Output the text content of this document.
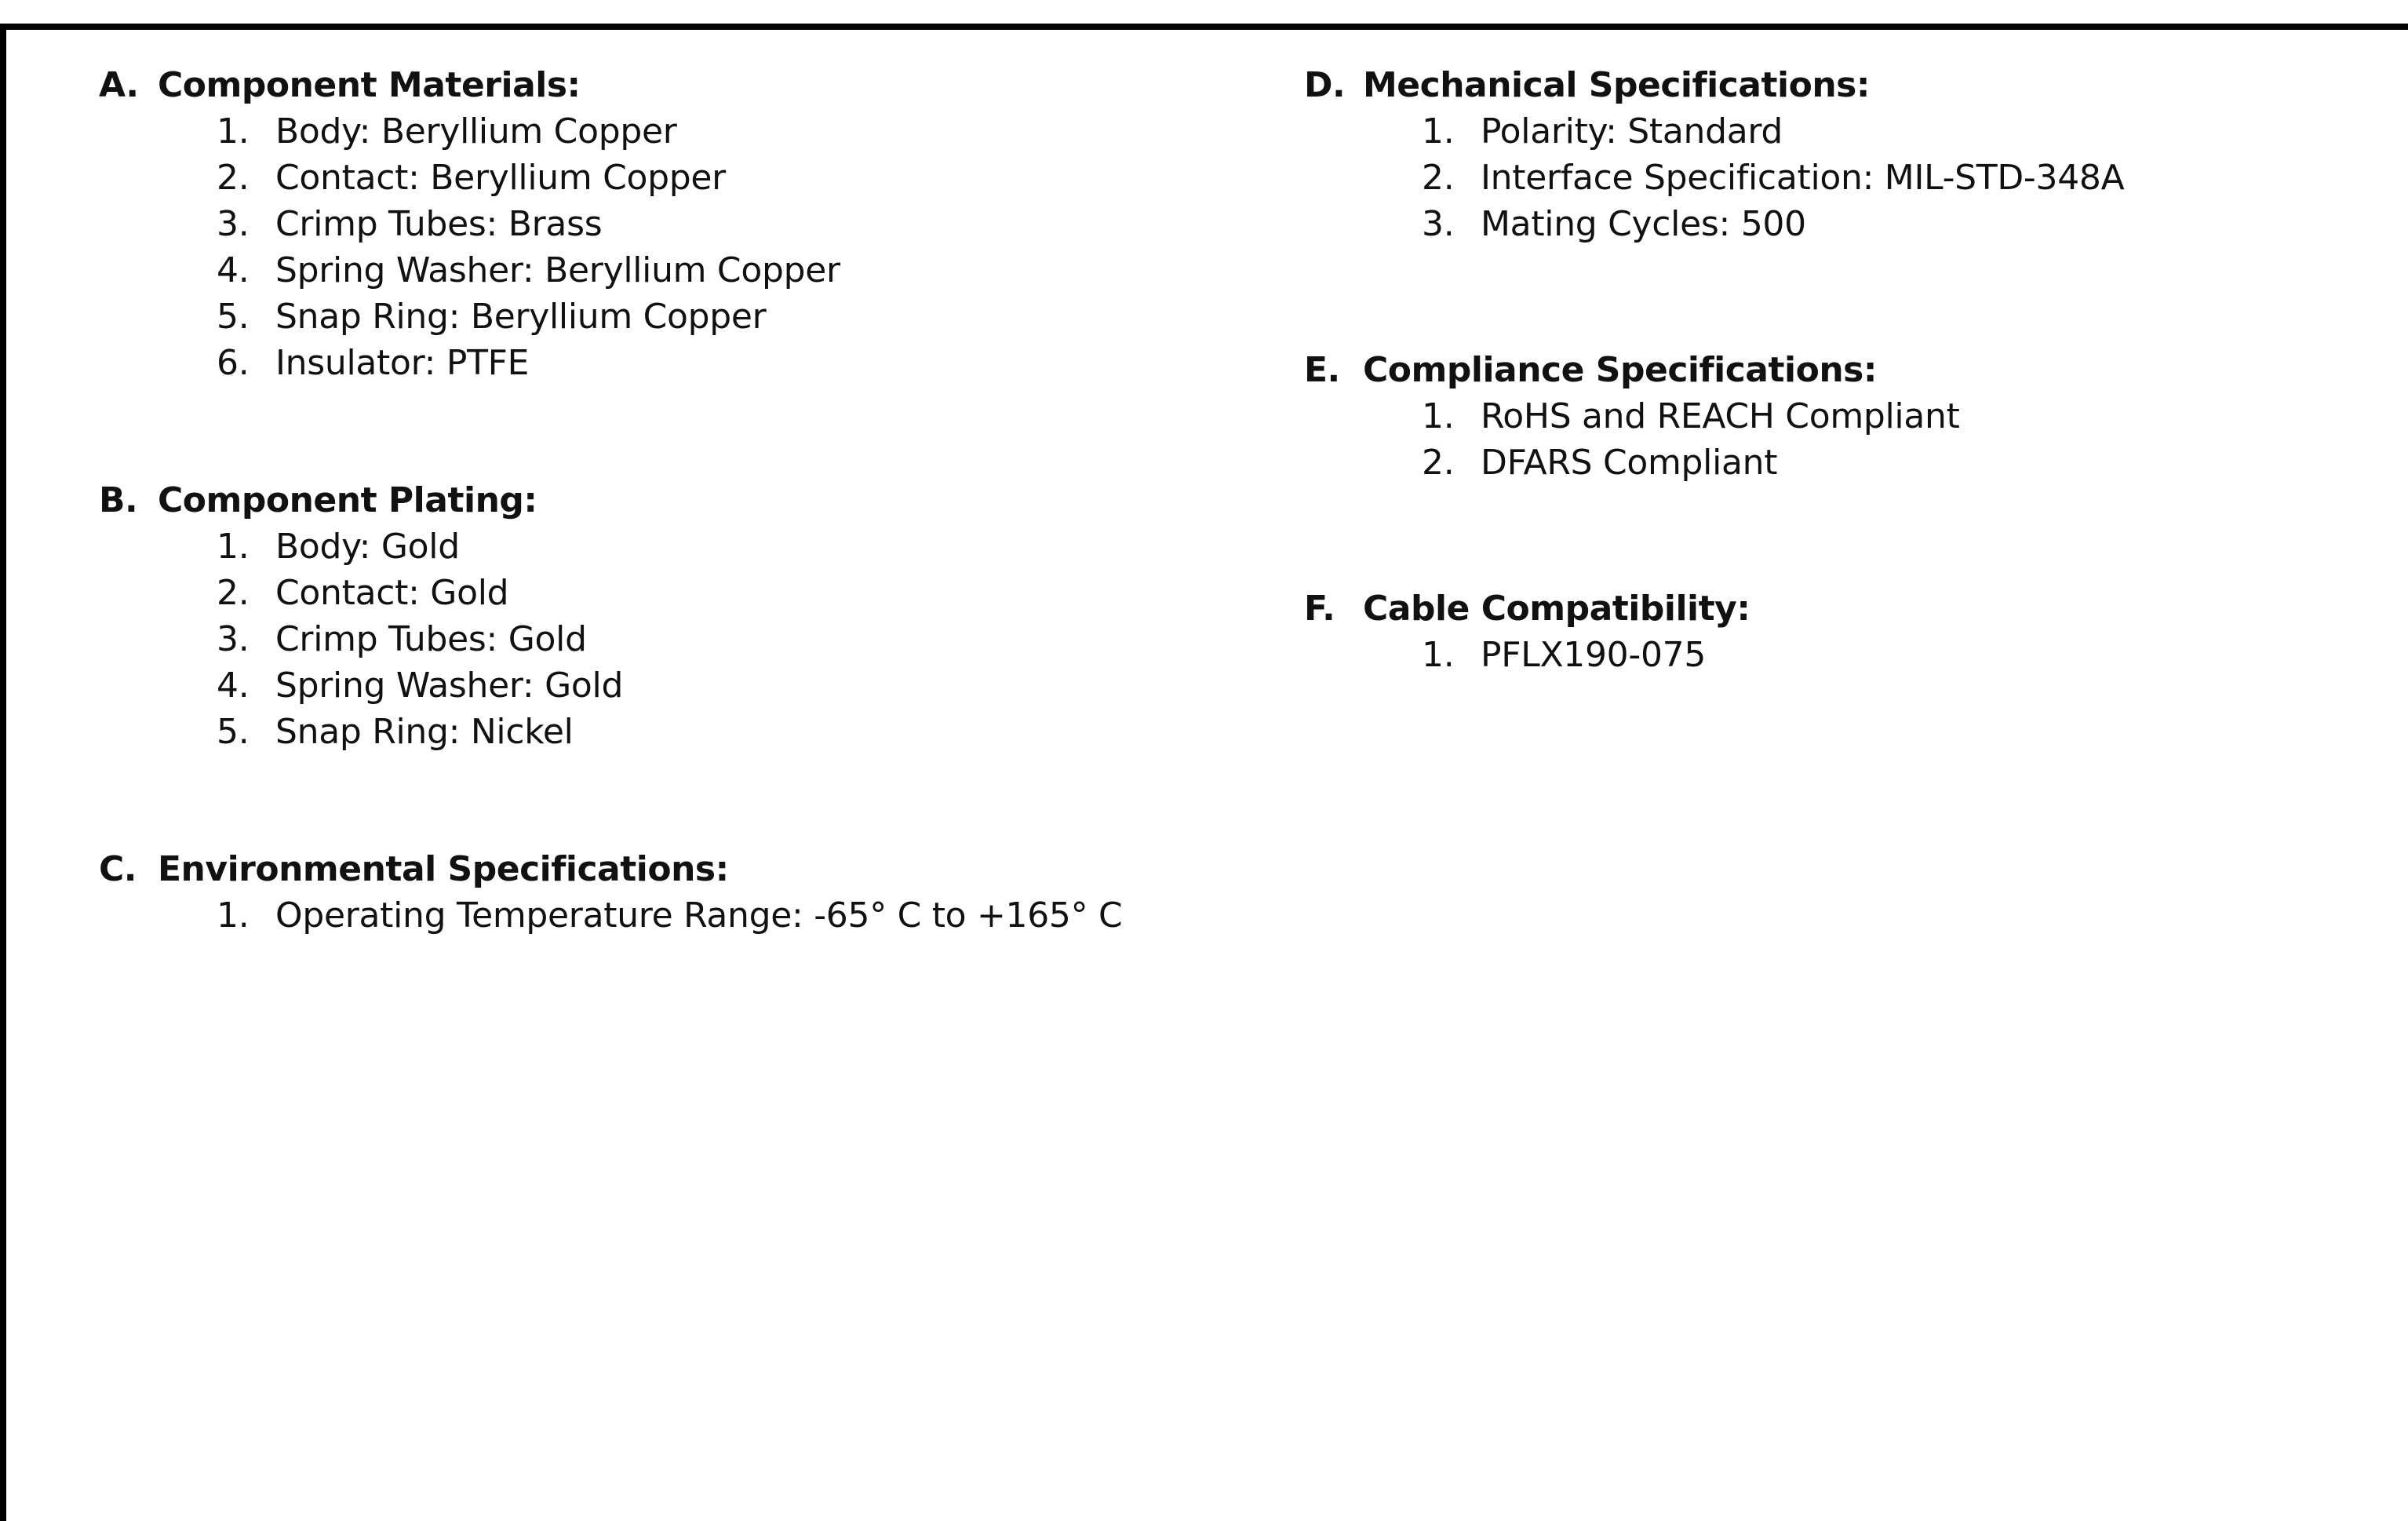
A. Component Materials:
1. Body: Beryllium Copper
2. Contact: Beryllium Copper
3. Crimp Tubes: Brass
4. Spring Washer: Beryllium Copper
5. Snap Ring: Beryllium Copper
6. Insulator: PTFE
B. Component Plating:
1. Body: Gold
2. Contact: Gold
3. Crimp Tubes: Gold
4. Spring Washer: Gold
5. Snap Ring: Nickel
C. Environmental Specifications:
1. Operating Temperature Range: -65° C to +165° C
D. Mechanical Specifications:
1. Polarity: Standard
2. Interface Specification: MIL-STD-348A
3. Mating Cycles: 500
E. Compliance Specifications:
1. RoHS and REACH Compliant
2. DFARS Compliant
F. Cable Compatibility:
1. PFLX190-075
